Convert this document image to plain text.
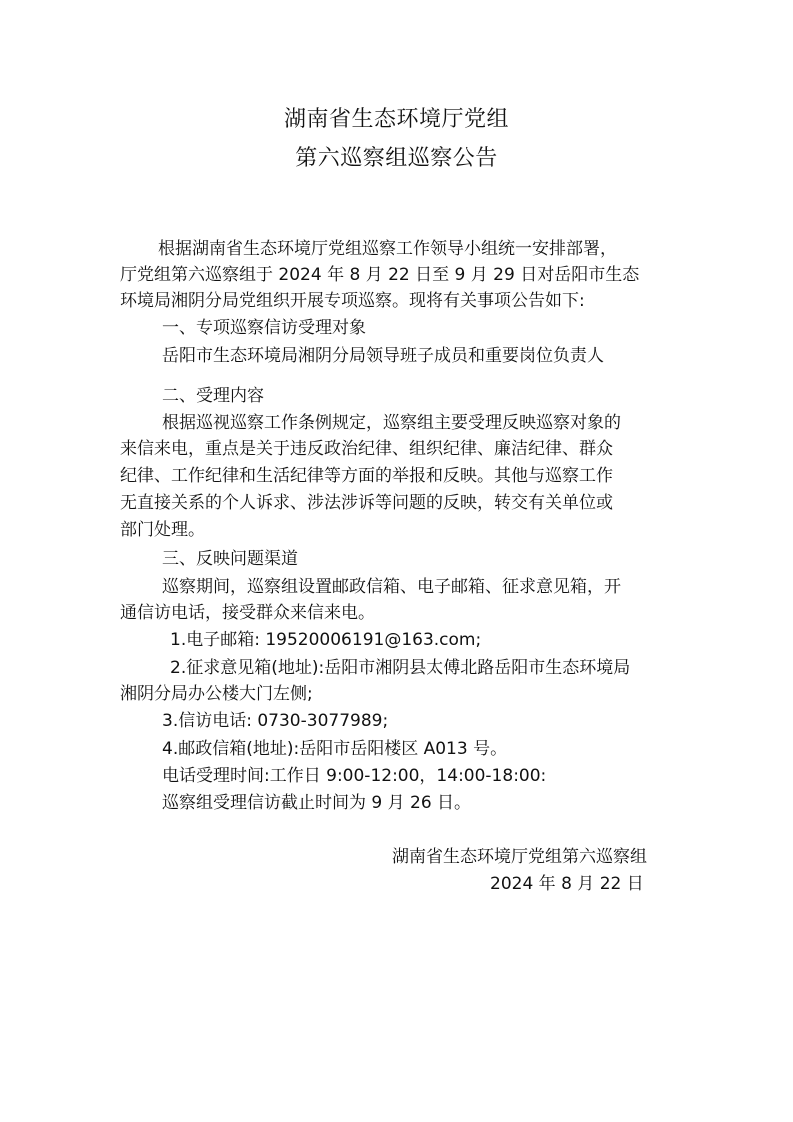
湖南省生态环境厅党组
第六巡察组巡察公告
根据湖南省生态环境厅党组巡察工作领导小组统一安排部署，
厅党组第六巡察组于 2024 年 8 月 22 日至 9 月 29 日对岳阳市生态
环境局湘阴分局党组织开展专项巡察。现将有关事项公告如下:
一、专项巡察信访受理对象
岳阳市生态环境局湘阴分局领导班子成员和重要岗位负责人
二、受理内容
根据巡视巡察工作条例规定，巡察组主要受理反映巡察对象的
来信来电，重点是关于违反政治纪律、组织纪律、廉洁纪律、群众
纪律、工作纪律和生活纪律等方面的举报和反映。其他与巡察工作
无直接关系的个人诉求、涉法涉诉等问题的反映，转交有关单位或
部门处理。
三、反映问题渠道
巡察期间，巡察组设置邮政信箱、电子邮箱、征求意见箱，开
通信访电话，接受群众来信来电。
1.电子邮箱: 19520006191@163.com;
2.征求意见箱(地址):岳阳市湘阴县太傅北路岳阳市生态环境局
湘阴分局办公楼大门左侧;
3.信访电话: 0730-3077989;
4.邮政信箱(地址):岳阳市岳阳楼区 A013 号。
电话受理时间:工作日 9:00-12:00，14:00-18:00:
巡察组受理信访截止时间为 9 月 26 日。
湖南省生态环境厅党组第六巡察组
2024 年 8 月 22 日
